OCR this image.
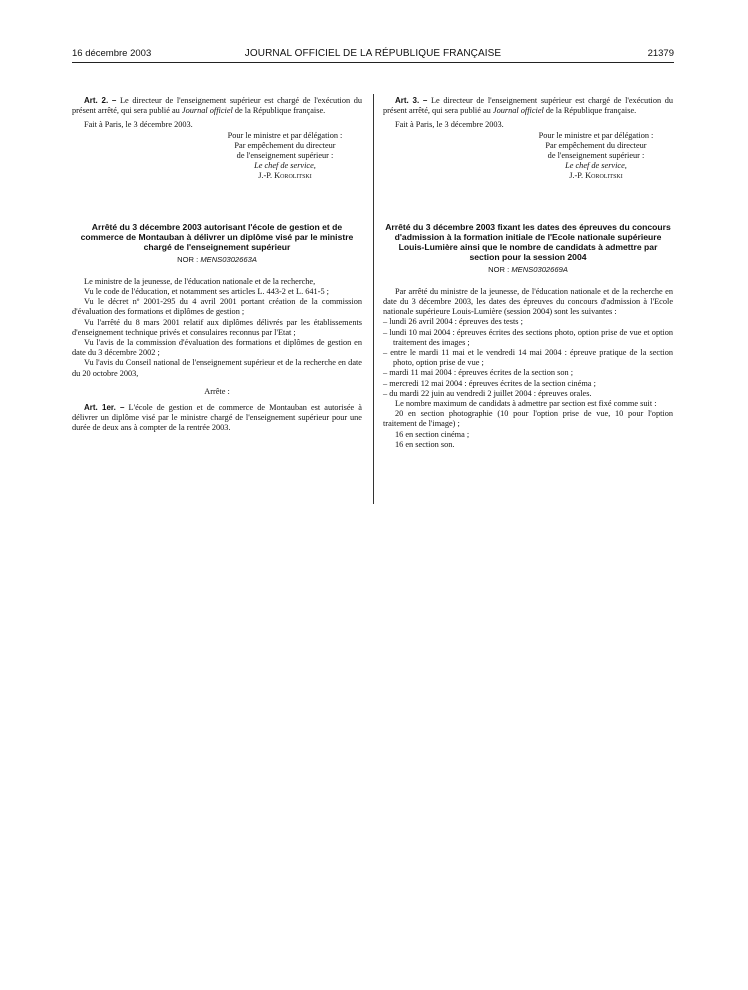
16 décembre 2003	JOURNAL OFFICIEL DE LA RÉPUBLIQUE FRANÇAISE	21379

Art. 2. – Le directeur de l'enseignement supérieur est chargé de l'exécution du présent arrêté, qui sera publié au Journal officiel de la République française.

Fait à Paris, le 3 décembre 2003.

Pour le ministre et par délégation :
Par empêchement du directeur
de l'enseignement supérieur :
Le chef de service,
J.-P. Korolitski

Arrêté du 3 décembre 2003 autorisant l'école de gestion et de commerce de Montauban à délivrer un diplôme visé par le ministre chargé de l'enseignement supérieur

NOR : MENS0302663A

Le ministre de la jeunesse, de l'éducation nationale et de la recherche,

Vu le code de l'éducation, et notamment ses articles L. 443-2 et L. 641-5 ;

Vu le décret nº 2001-295 du 4 avril 2001 portant création de la commission d'évaluation des formations et diplômes de gestion ;

Vu l'arrêté du 8 mars 2001 relatif aux diplômes délivrés par les établissements d'enseignement technique privés et consulaires reconnus par l'Etat ;

Vu l'avis de la commission d'évaluation des formations et diplômes de gestion en date du 3 décembre 2002 ;

Vu l'avis du Conseil national de l'enseignement supérieur et de la recherche en date du 20 octobre 2003,

Arrête :

Art. 1er. – L'école de gestion et de commerce de Montauban est autorisée à délivrer un diplôme visé par le ministre chargé de l'enseignement supérieur pour une durée de deux ans à compter de la rentrée 2003.

Art. 3. – Le directeur de l'enseignement supérieur est chargé de l'exécution du présent arrêté, qui sera publié au Journal officiel de la République française.

Fait à Paris, le 3 décembre 2003.

Pour le ministre et par délégation :
Par empêchement du directeur
de l'enseignement supérieur :
Le chef de service,
J.-P. Korolitski

Arrêté du 3 décembre 2003 fixant les dates des épreuves du concours d'admission à la formation initiale de l'Ecole nationale supérieure Louis-Lumière ainsi que le nombre de candidats à admettre par section pour la session 2004

NOR : MENS0302669A

Par arrêté du ministre de la jeunesse, de l'éducation nationale et de la recherche en date du 3 décembre 2003, les dates des épreuves du concours d'admission à l'Ecole nationale supérieure Louis-Lumière (session 2004) sont les suivantes :

– lundi 26 avril 2004 : épreuves des tests ;

– lundi 10 mai 2004 : épreuves écrites des sections photo, option prise de vue et option traitement des images ;

– entre le mardi 11 mai et le vendredi 14 mai 2004 : épreuve pratique de la section photo, option prise de vue ;

– mardi 11 mai 2004 : épreuves écrites de la section son ;

– mercredi 12 mai 2004 : épreuves écrites de la section cinéma ;

– du mardi 22 juin au vendredi 2 juillet 2004 : épreuves orales.

Le nombre maximum de candidats à admettre par section est fixé comme suit :

20 en section photographie (10 pour l'option prise de vue, 10 pour l'option traitement de l'image) ;

16 en section cinéma ;

16 en section son.
